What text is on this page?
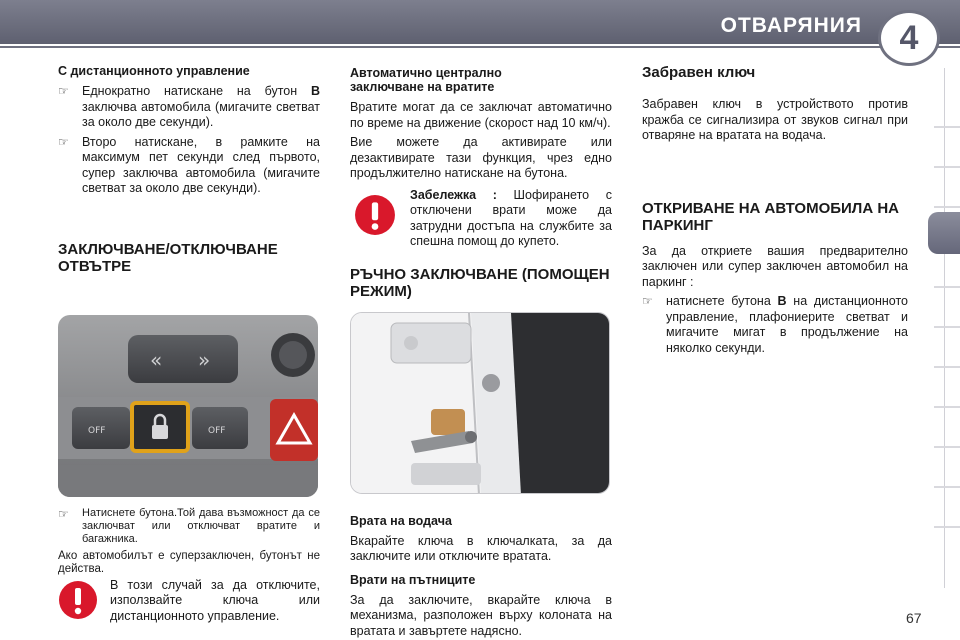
ОТВАРЯНИЯ 4
С дистанционното управление
☞	Еднократно натискане на бутон B заключва автомобила (мигачите светват за около две секунди).
☞	Второ натискане, в рамките на максимум пет секунди след първото, супер заключва автомобила (мигачите светват за около две секунди).
ЗАКЛЮЧВАНЕ/ОТКЛЮЧВАНЕ ОТВЪТРЕ
« »
OFF	OFF
☞	Натиснете бутона.Той дава възможност да се заключват или отключват вратите и багажника.
Ако автомобилът е суперзаключен, бутонът не действа.
В този случай за да отключите, използвайте ключа или дистанционното управление.
Автоматично централно заключване на вратите
Вратите могат да се заключат автоматично по време на движение (скорост над 10 км/ч).
Вие можете да активирате или дезактивирате тази функция, чрез едно продължително натискане на бутона.
Забележка : Шофирането с отключени врати може да затрудни достъпа на службите за спешна помощ до купето.
РЪЧНО ЗАКЛЮЧВАНЕ (ПОМОЩЕН РЕЖИМ)
Врата на водача
Вкарайте ключа в ключалката, за да заключите или отключите вратата.
Врати на пътниците
За да заключите, вкарайте ключа в механизма, разположен върху колоната на вратата и завъртете надясно.
Забравен ключ
Забравен ключ в устройството против кражба се сигнализира от звуков сигнал при отваряне на вратата на водача.
ОТКРИВАНЕ НА АВТОМОБИЛА НА ПАРКИНГ
За да откриете вашия предварително заключен или супер заключен автомобил на паркинг :
☞	натиснете бутона B на дистанционното управление, плафониерите светват и мигачите мигат в продължение на няколко секунди.
67
